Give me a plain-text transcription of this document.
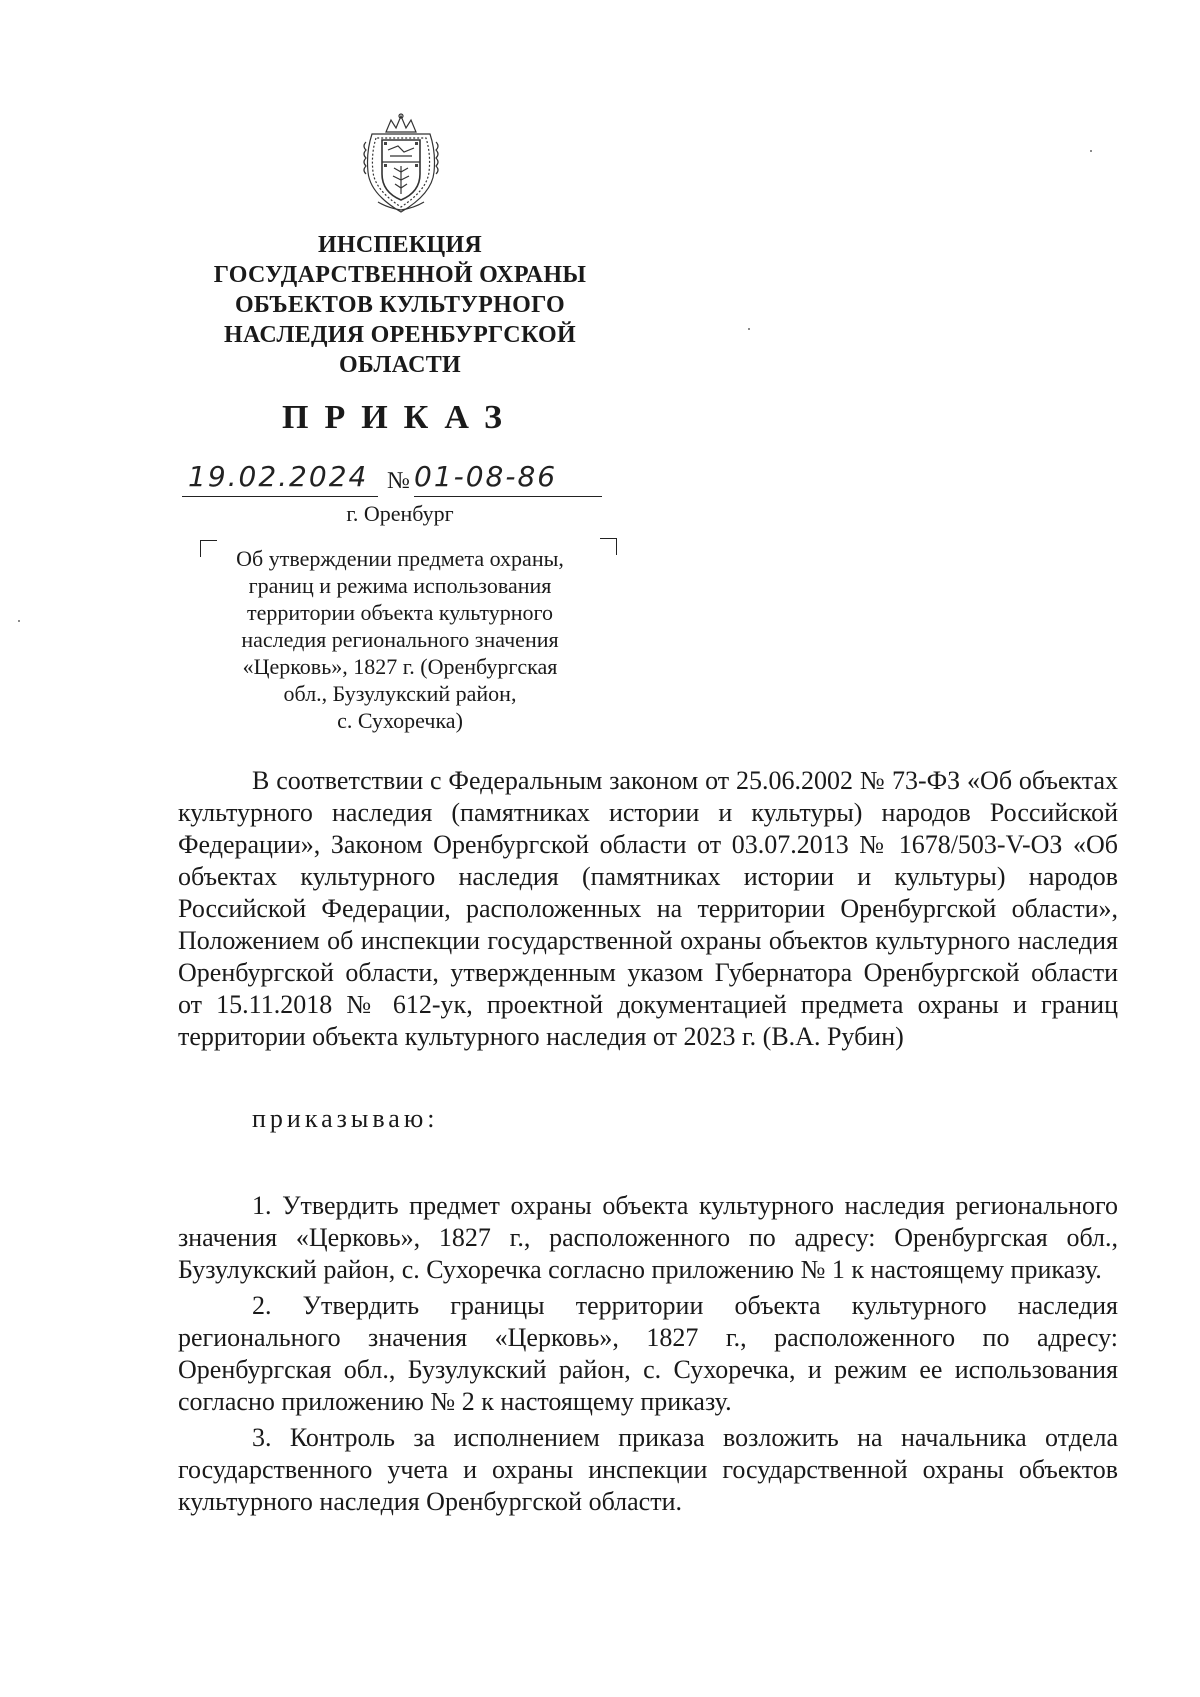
ИНСПЕКЦИЯ
ГОСУДАРСТВЕННОЙ ОХРАНЫ
ОБЪЕКТОВ КУЛЬТУРНОГО
НАСЛЕДИЯ ОРЕНБУРГСКОЙ
ОБЛАСТИ
ПРИКАЗ
19.02.2024 № 01-08-86
г. Оренбург
Об утверждении предмета охраны,
границ и режима использования
территории объекта культурного
наследия регионального значения
«Церковь», 1827 г. (Оренбургская
обл., Бузулукский район,
с. Сухоречка)

В соответствии с Федеральным законом от 25.06.2002 № 73-ФЗ «Об объектах культурного наследия (памятниках истории и культуры) народов Российской Федерации», Законом Оренбургской области от 03.07.2013 № 1678/503-V-ОЗ «Об объектах культурного наследия (памятниках истории и культуры) народов Российской Федерации, расположенных на территории Оренбургской области», Положением об инспекции государственной охраны объектов культурного наследия Оренбургской области, утвержденным указом Губернатора Оренбургской области от 15.11.2018 № 612-ук, проектной документацией предмета охраны и границ территории объекта культурного наследия от 2023 г. (В.А. Рубин)

приказываю:

1. Утвердить предмет охраны объекта культурного наследия регионального значения «Церковь», 1827 г., расположенного по адресу: Оренбургская обл., Бузулукский район, с. Сухоречка согласно приложению № 1 к настоящему приказу.

2. Утвердить границы территории объекта культурного наследия регионального значения «Церковь», 1827 г., расположенного по адресу: Оренбургская обл., Бузулукский район, с. Сухоречка, и режим ее использования согласно приложению № 2 к настоящему приказу.

3. Контроль за исполнением приказа возложить на начальника отдела государственного учета и охраны инспекции государственной охраны объектов культурного наследия Оренбургской области.
